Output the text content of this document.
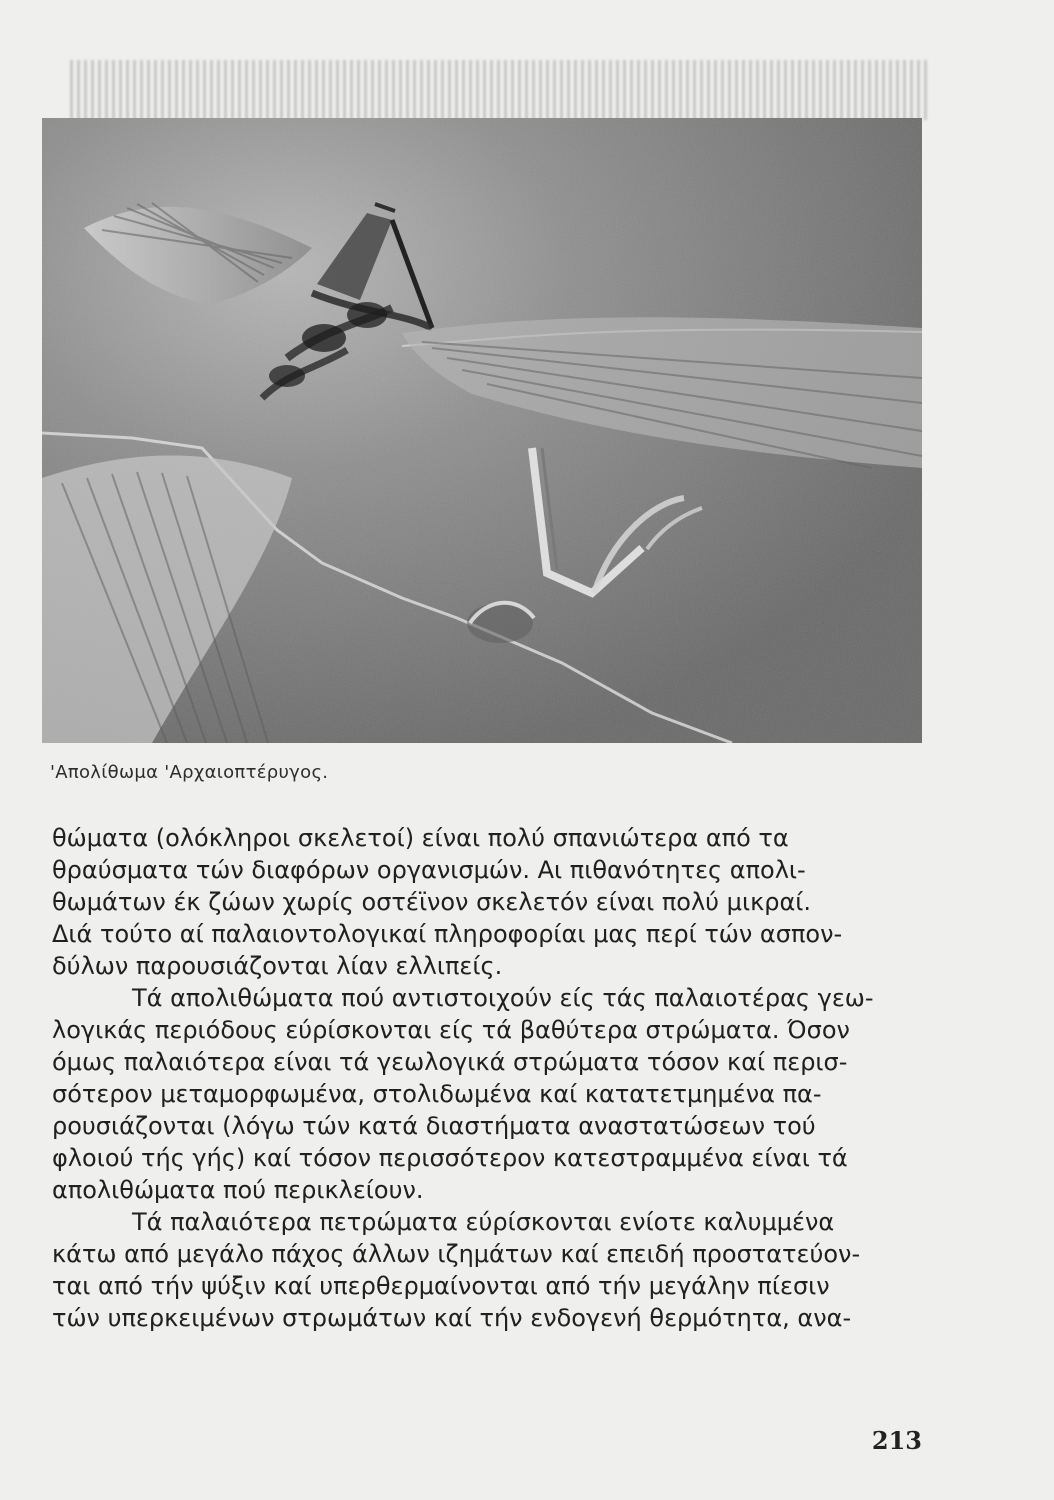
'Απολίθωμα 'Αρχαιοπτέρυγος.

θώματα (ολόκληροι σκελετοί) είναι πολύ σπανιώτερα από τα
θραύσματα τών διαφόρων οργανισμών. Αι πιθανότητες απολι-
θωμάτων έκ ζώων χωρίς οστέϊνον σκελετόν είναι πολύ μικραί.
Διά τούτο αί παλαιοντολογικαί πληροφορίαι μας περί τών ασπον-
δύλων παρουσιάζονται λίαν ελλιπείς.

Τά απολιθώματα πού αντιστοιχούν είς τάς παλαιοτέρας γεω-
λογικάς περιόδους εύρίσκονται είς τά βαθύτερα στρώματα. Όσον
όμως παλαιότερα είναι τά γεωλογικά στρώματα τόσον καί περισ-
σότερον μεταμορφωμένα, στολιδωμένα καί κατατετμημένα πα-
ρουσιάζονται (λόγω τών κατά διαστήματα αναστατώσεων τού
φλοιού τής γής) καί τόσον περισσότερον κατεστραμμένα είναι τά
απολιθώματα πού περικλείουν.

Τά παλαιότερα πετρώματα εύρίσκονται ενίοτε καλυμμένα
κάτω από μεγάλο πάχος άλλων ιζημάτων καί επειδή προστατεύον-
ται από τήν ψύξιν καί υπερθερμαίνονται από τήν μεγάλην πίεσιν
τών υπερκειμένων στρωμάτων καί τήν ενδογενή θερμότητα, ανα-

213
